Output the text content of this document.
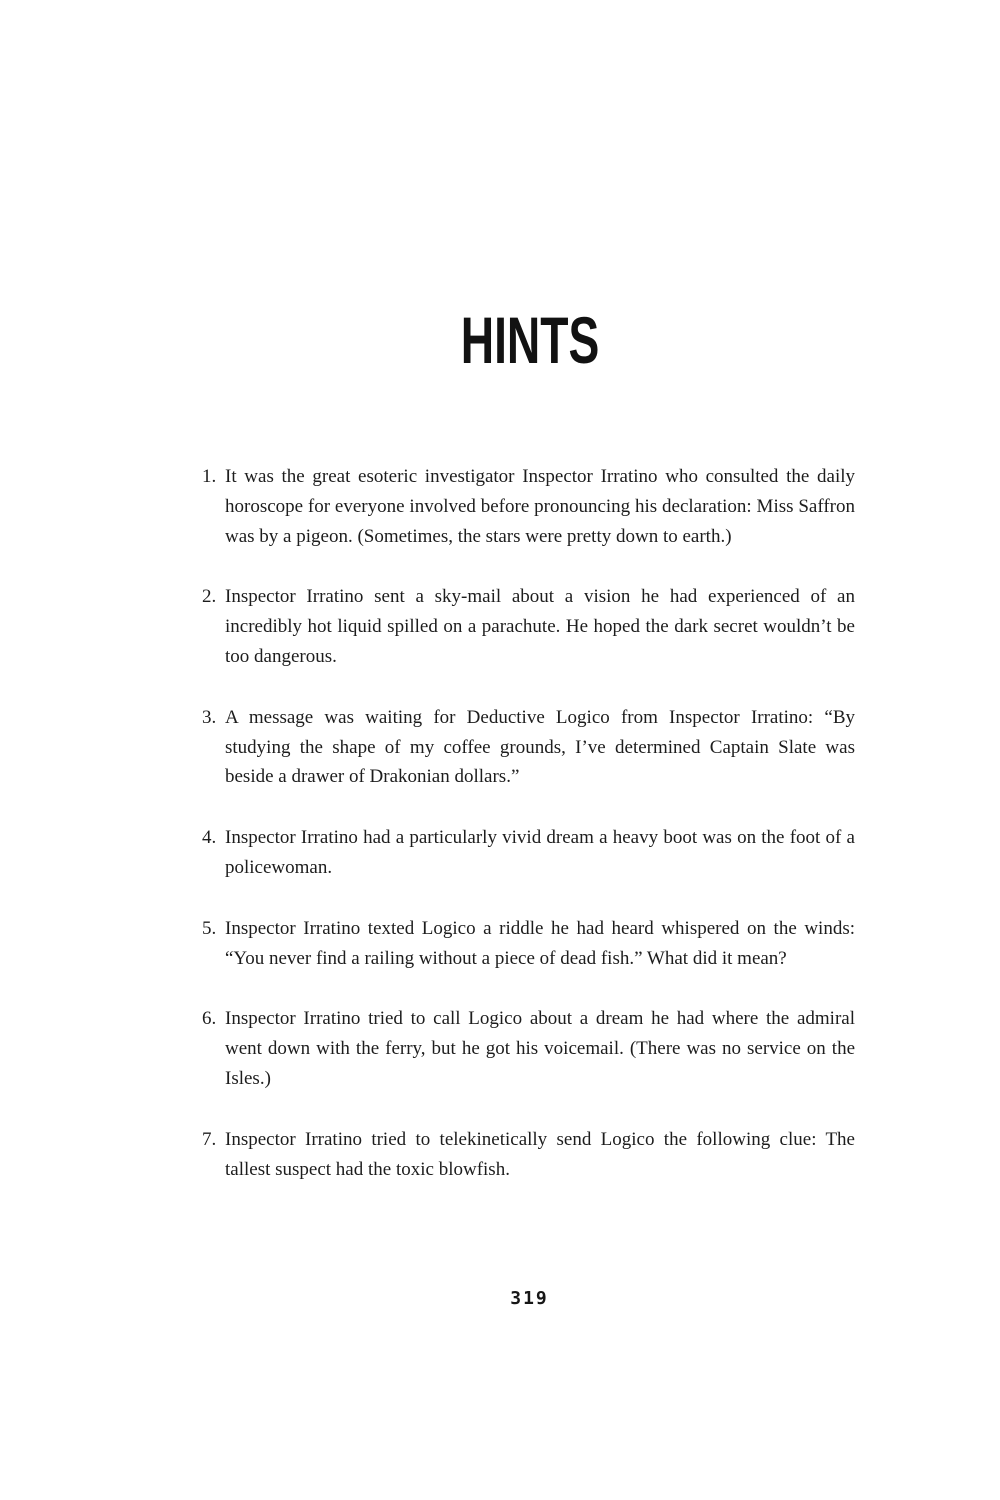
HINTS
1. It was the great esoteric investigator Inspector Irratino who consulted the daily horoscope for everyone involved before pronouncing his declaration: Miss Saffron was by a pigeon. (Sometimes, the stars were pretty down to earth.)
2. Inspector Irratino sent a sky-mail about a vision he had experienced of an incredibly hot liquid spilled on a parachute. He hoped the dark secret wouldn’t be too dangerous.
3. A message was waiting for Deductive Logico from Inspector Irratino: “By studying the shape of my coffee grounds, I’ve determined Captain Slate was beside a drawer of Drakonian dollars.”
4. Inspector Irratino had a particularly vivid dream a heavy boot was on the foot of a policewoman.
5. Inspector Irratino texted Logico a riddle he had heard whispered on the winds: “You never find a railing without a piece of dead fish.” What did it mean?
6. Inspector Irratino tried to call Logico about a dream he had where the admiral went down with the ferry, but he got his voicemail. (There was no service on the Isles.)
7. Inspector Irratino tried to telekinetically send Logico the following clue: The tallest suspect had the toxic blowfish.
319
